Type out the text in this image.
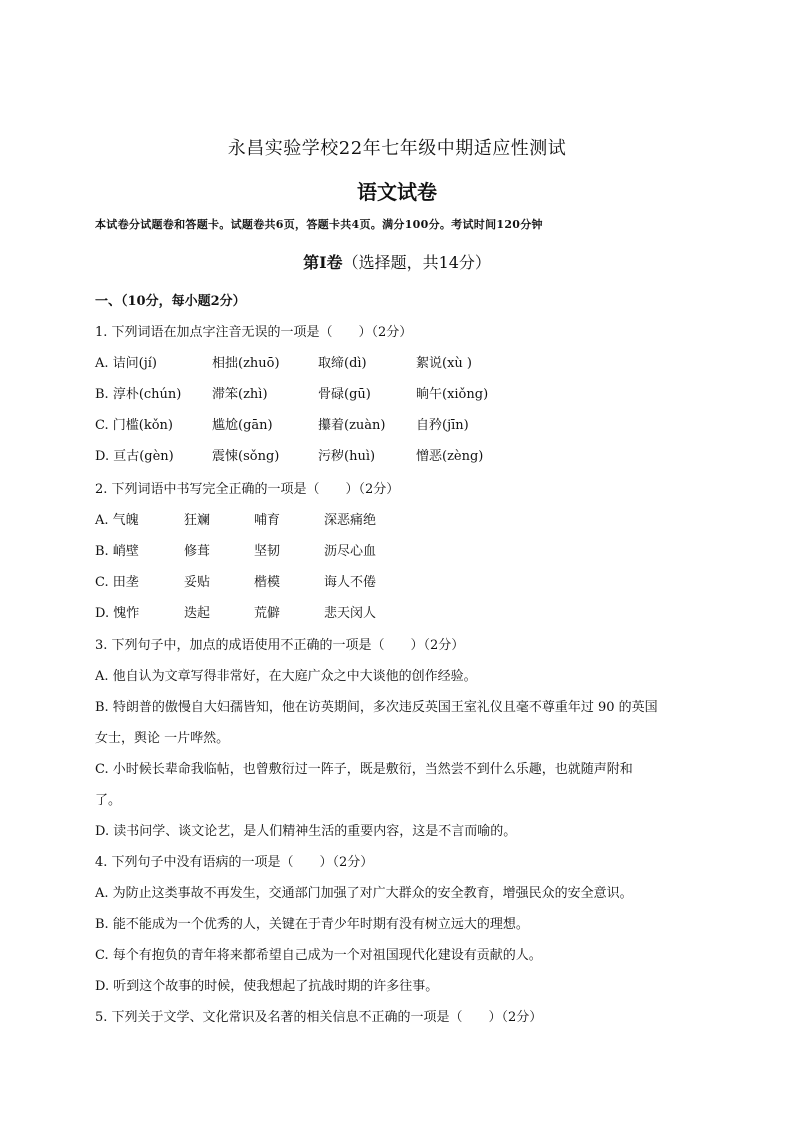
永昌实验学校22年七年级中期适应性测试
语文试卷
本试卷分试题卷和答题卡。试题卷共6页，答题卡共4页。满分100分。考试时间120分钟
第Ⅰ卷（选择题，共14分）
一、（10分，每小题2分）
1. 下列词语在加点字注音无误的一项是（　　）（2分）
A. 诘问(jí)	相拙(zhuō)	取缔(dì)	絮说(xù )
B. 淳朴(chún) 滞笨(zhì)	骨碌(gū)	晌午(xiǒng)
C. 门槛(kǒn)	尴尬(gān)	攥着(zuàn) 自矜(jīn)
D. 亘古(gèn)	震悚(sǒng)	污秽(huì)	憎恶(zèng)
2. 下列词语中书写完全正确的一项是（　　）（2分）
A. 气魄	狂斓	哺育	深恶痛绝
B. 峭壁	修葺	坚韧	沥尽心血
C. 田垄	妥贴	楷模	诲人不倦
D. 愧怍	迭起	荒僻	悲天闵人
3. 下列句子中，加点的成语使用不正确的一项是（　　）（2分）
A. 他自认为文章写得非常好，在大庭广众之中大谈他的创作经验。
B. 特朗普的傲慢自大妇孺皆知，他在访英期间，多次违反英国王室礼仪且毫不尊重年过 90 的英国
女士，舆论 一片哗然。
C. 小时候长辈命我临帖，也曾敷衍过一阵子，既是敷衍，当然尝不到什么乐趣，也就随声附和
了。
D. 读书问学、谈文论艺，是人们精神生活的重要内容，这是不言而喻的。
4. 下列句子中没有语病的一项是（　　）（2分）
A. 为防止这类事故不再发生，交通部门加强了对广大群众的安全教育，增强民众的安全意识。
B. 能不能成为一个优秀的人，关键在于青少年时期有没有树立远大的理想。
C. 每个有抱负的青年将来都希望自己成为一个对祖国现代化建设有贡献的人。
D. 听到这个故事的时候，使我想起了抗战时期的许多往事。
5. 下列关于文学、文化常识及名著的相关信息不正确的一项是（　　）（2分）
